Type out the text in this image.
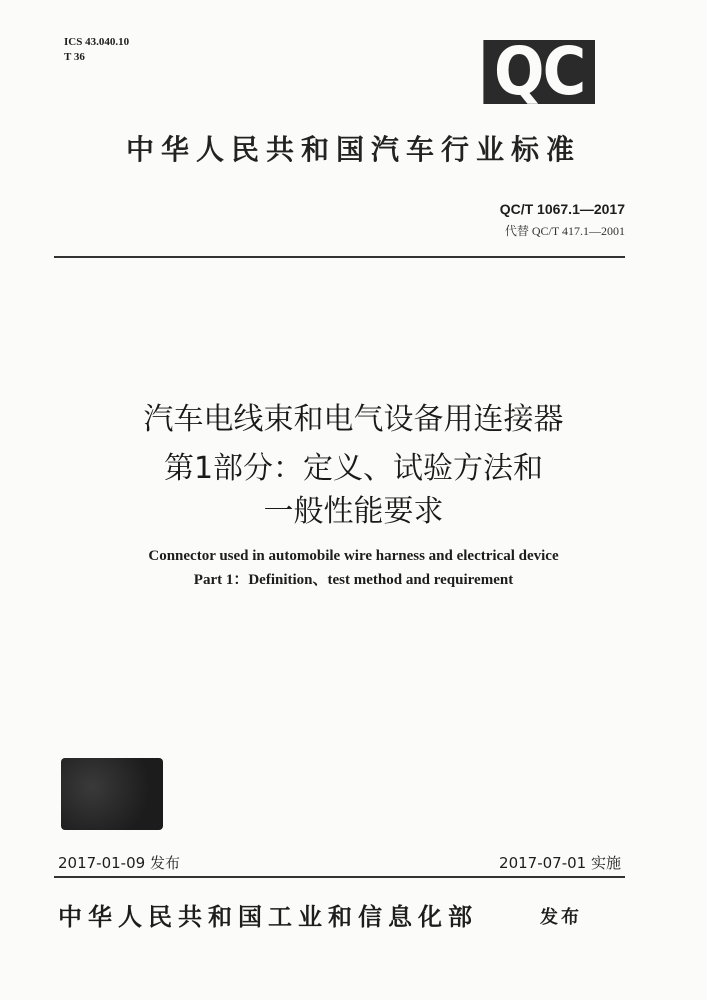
ICS 43.040.10
T 36	QC
中华人民共和国汽车行业标准
QC/T 1067.1—2017
代替 QC/T 417.1—2001
汽车电线束和电气设备用连接器
第1部分：定义、试验方法和
一般性能要求
Connector used in automobile wire harness and electrical device
Part 1：Definition、test method and requirement
2017-01-09 发布	2017-07-01 实施
中华人民共和国工业和信息化部	发布
